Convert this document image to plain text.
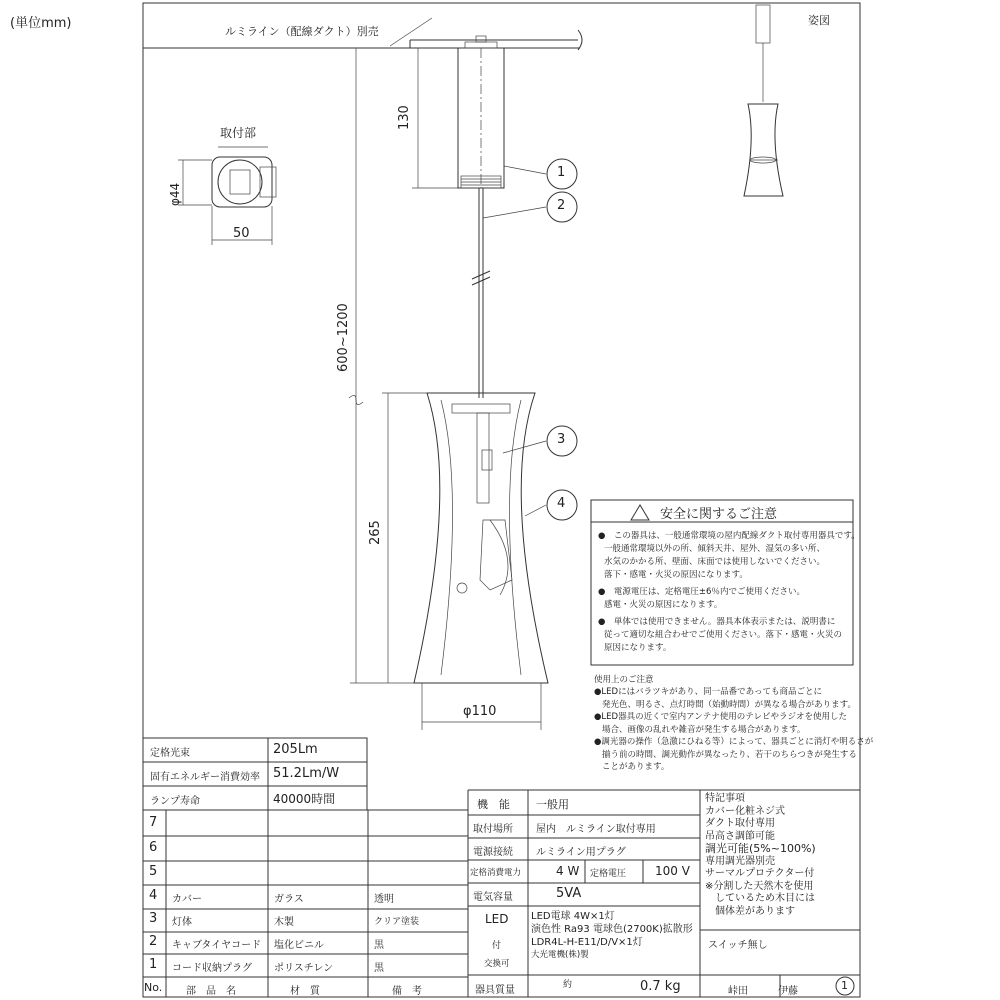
(単位mm)	姿図
ルミライン（配線ダクト）別売
取付部
φ44
50
130
600~1200
265
φ110
1
2
3
4
安全に関するご注意
●　この器具は、一般通常環境の屋内配線ダクト取付専用器具です。
一般通常環境以外の所、傾斜天井、屋外、湿気の多い所、
水気のかかる所、壁面、床面では使用しないでください。
落下・感電・火災の原因になります。
●　電源電圧は、定格電圧±6％内でご使用ください。
感電・火災の原因になります。
●　単体では使用できません。器具本体表示または、説明書に
従って適切な組合わせでご使用ください。落下・感電・火災の
原因になります。
使用上のご注意
●LEDにはバラツキがあり、同一品番であっても商品ごとに
発光色、明るさ、点灯時間（始動時間）が異なる場合があります。
●LED器具の近くで室内アンテナ使用のテレビやラジオを使用した
場合、画像の乱れや雑音が発生する場合があります。
●調光器の操作（急激にひねる等）によって、器具ごとに消灯や明るさが
揃う前の時間、調光動作が異なったり、若干のちらつきが発生する
ことがあります。
定格光束	205Lm
固有エネルギー消費効率 51.2Lm/W
ランプ寿命	40000時間
7
6
5
4 カバー	ガラス	透明
3 灯体	木製	クリア塗装
2 キャブタイヤコード 塩化ビニル	黒
1 コード収納プラグ ポリスチレン	黒
No. 部　品　名	材　質	備　考
機　能 一般用
取付場所 屋内　ルミライン取付専用
電源接続 ルミライン用プラグ
定格消費電力	4 W 定格電圧 100 V
電気容量	5VA
LED
付
交換可
LED電球 4W×1灯
演色性 Ra93 電球色(2700K)拡散形
LDR4L-H-E11/D/V×1灯
大光電機(株)製
器具質量	約	0.7 kg
特記事項
カバー化粧ネジ式
ダクト取付専用
吊高さ調節可能
調光可能(5%~100%)
専用調光器別売
サーマルプロテクター付
※分割した天然木を使用
　しているため木目には
　個体差があります
スイッチ無し
峠田　　　伊藤	1
